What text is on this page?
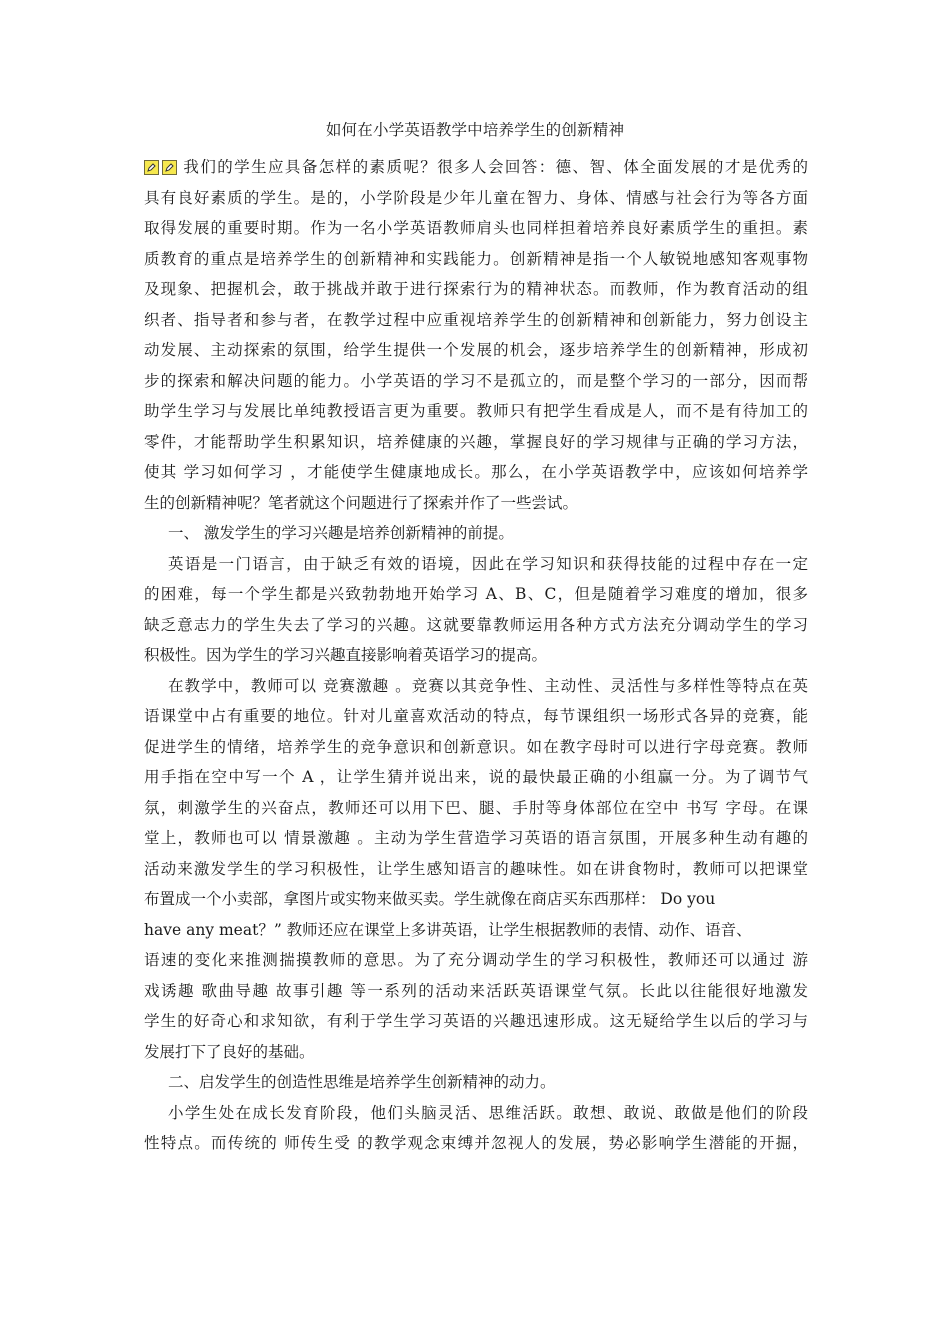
如何在小学英语教学中培养学生的创新精神
我们的学生应具备怎样的素质呢？很多人会回答：德、智、体全面发展的才是优秀的
具有良好素质的学生。是的，小学阶段是少年儿童在智力、身体、情感与社会行为等各方面
取得发展的重要时期。作为一名小学英语教师肩头也同样担着培养良好素质学生的重担。素
质教育的重点是培养学生的创新精神和实践能力。创新精神是指一个人敏锐地感知客观事物
及现象、把握机会，敢于挑战并敢于进行探索行为的精神状态。而教师，作为教育活动的组
织者、指导者和参与者，在教学过程中应重视培养学生的创新精神和创新能力，努力创设主
动发展、主动探索的氛围，给学生提供一个发展的机会，逐步培养学生的创新精神，形成初
步的探索和解决问题的能力。小学英语的学习不是孤立的，而是整个学习的一部分，因而帮
助学生学习与发展比单纯教授语言更为重要。教师只有把学生看成是人，而不是有待加工的
零件，才能帮助学生积累知识，培养健康的兴趣，掌握良好的学习规律与正确的学习方法，
使其 学习如何学习 ，才能使学生健康地成长。那么，在小学英语教学中，应该如何培养学
生的创新精神呢？笔者就这个问题进行了探索并作了一些尝试。
一、 激发学生的学习兴趣是培养创新精神的前提。
英语是一门语言，由于缺乏有效的语境，因此在学习知识和获得技能的过程中存在一定
的困难，每一个学生都是兴致勃勃地开始学习 A、B、C，但是随着学习难度的增加，很多
缺乏意志力的学生失去了学习的兴趣。这就要靠教师运用各种方式方法充分调动学生的学习
积极性。因为学生的学习兴趣直接影响着英语学习的提高。
在教学中，教师可以 竞赛激趣 。竞赛以其竞争性、主动性、灵活性与多样性等特点在英
语课堂中占有重要的地位。针对儿童喜欢活动的特点，每节课组织一场形式各异的竞赛，能
促进学生的情绪，培养学生的竞争意识和创新意识。如在教字母时可以进行字母竞赛。教师
用手指在空中写一个 A ，让学生猜并说出来，说的最快最正确的小组赢一分。为了调节气
氛，刺激学生的兴奋点，教师还可以用下巴、腿、手肘等身体部位在空中 书写 字母。在课
堂上，教师也可以 情景激趣 。主动为学生营造学习英语的语言氛围，开展多种生动有趣的
活动来激发学生的学习积极性，让学生感知语言的趣味性。如在讲食物时，教师可以把课堂
布置成一个小卖部，拿图片或实物来做买卖。学生就像在商店买东西那样： Do you
have any meat？” 教师还应在课堂上多讲英语，让学生根据教师的表情、动作、语音、
语速的变化来推测揣摸教师的意思。为了充分调动学生的学习积极性，教师还可以通过 游
戏诱趣 歌曲导趣 故事引趣 等一系列的活动来活跃英语课堂气氛。长此以往能很好地激发
学生的好奇心和求知欲，有利于学生学习英语的兴趣迅速形成。这无疑给学生以后的学习与
发展打下了良好的基础。
二、启发学生的创造性思维是培养学生创新精神的动力。
小学生处在成长发育阶段，他们头脑灵活、思维活跃。敢想、敢说、敢做是他们的阶段
性特点。而传统的 师传生受 的教学观念束缚并忽视人的发展，势必影响学生潜能的开掘，
